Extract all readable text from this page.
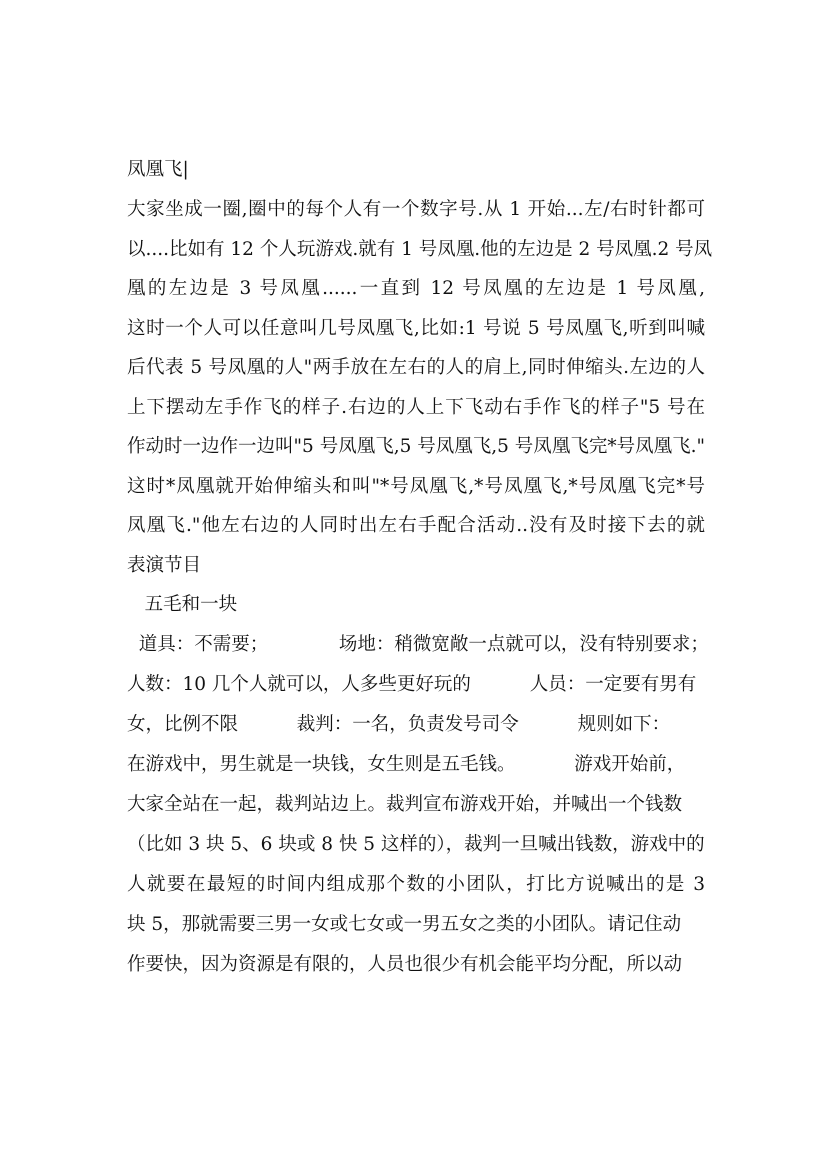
凤凰飞|

大家坐成一圈,圈中的每个人有一个数字号.从 1 开始...左/右时针都可

以....比如有 12 个人玩游戏.就有 1 号凤凰.他的左边是 2 号凤凰.2 号凤

凰的左边是 3 号凤凰......一直到 12 号凤凰的左边是 1 号凤凰,

这时一个人可以任意叫几号凤凰飞,比如:1 号说 5 号凤凰飞,听到叫喊

后代表 5 号凤凰的人"两手放在左右的人的肩上,同时伸缩头.左边的人

上下摆动左手作飞的样子.右边的人上下飞动右手作飞的样子"5 号在

作动时一边作一边叫"5 号凤凰飞,5 号凤凰飞,5 号凤凰飞完*号凤凰飞."

这时*凤凰就开始伸缩头和叫"*号凤凰飞,*号凤凰飞,*号凤凰飞完*号

凤凰飞."他左右边的人同时出左右手配合活动..没有及时接下去的就

表演节目

五毛和一块

道具：不需要；            场地：稍微宽敞一点就可以，没有特别要求；

人数：10 几个人就可以，人多些更好玩的          人员：一定要有男有

女，比例不限          裁判：一名，负责发号司令          规则如下：

在游戏中，男生就是一块钱，女生则是五毛钱。          游戏开始前，

大家全站在一起，裁判站边上。裁判宣布游戏开始，并喊出一个钱数

（比如 3 块 5、6 块或 8 快 5 这样的），裁判一旦喊出钱数，游戏中的

人就要在最短的时间内组成那个数的小团队，打比方说喊出的是 3

块 5，那就需要三男一女或七女或一男五女之类的小团队。请记住动

作要快，因为资源是有限的，人员也很少有机会能平均分配，所以动
